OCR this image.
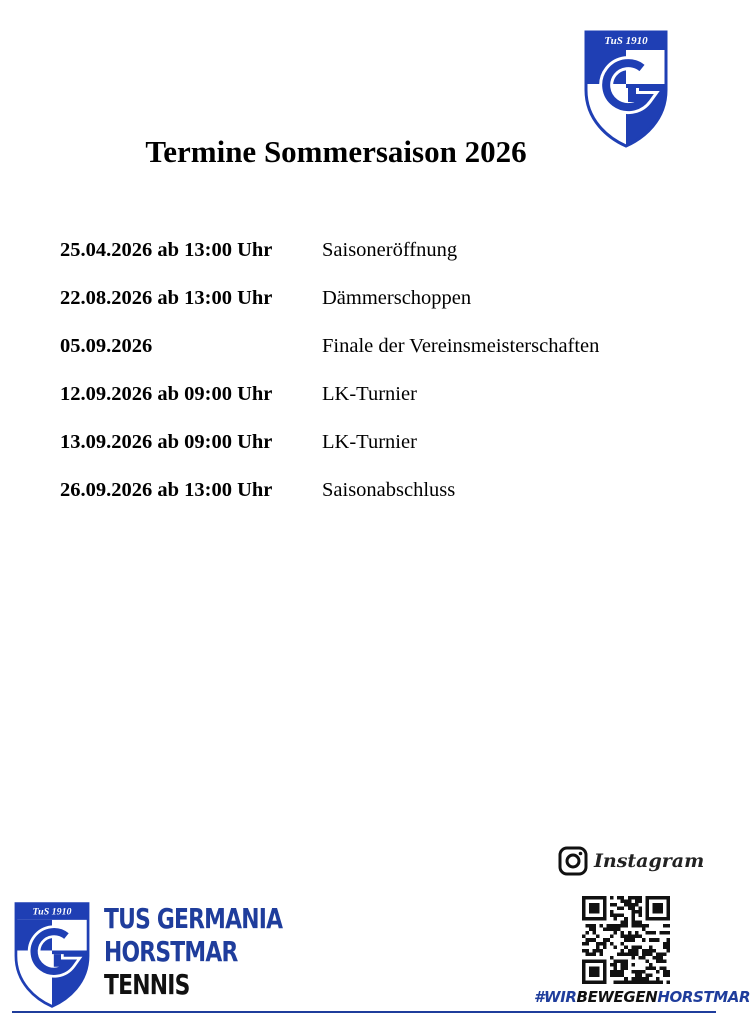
TuS 1910
Termine Sommersaison 2026
25.04.2026 ab 13:00 Uhr	Saisoneröffnung
22.08.2026 ab 13:00 Uhr	Dämmerschoppen
05.09.2026	Finale der Vereinsmeisterschaften
12.09.2026 ab 09:00 Uhr	LK-Turnier
13.09.2026 ab 09:00 Uhr	LK-Turnier
26.09.2026 ab 13:00 Uhr	Saisonabschluss
Instagram
#WIRBEWEGENHORSTMAR
TuS 1910 TUS GERMANIA
HORSTMAR
TENNIS
